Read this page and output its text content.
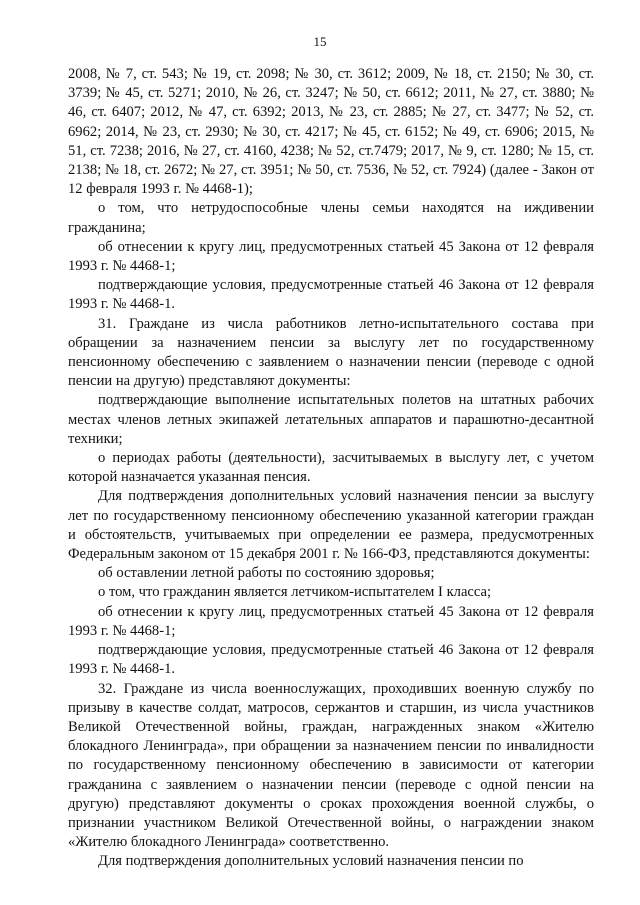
15

2008, № 7, ст. 543; № 19, ст. 2098; № 30, ст. 3612; 2009, № 18, ст. 2150; № 30, ст. 3739; № 45, ст. 5271; 2010, № 26, ст. 3247; № 50, ст. 6612; 2011, № 27, ст. 3880; № 46, ст. 6407; 2012, № 47, ст. 6392; 2013, № 23, ст. 2885; № 27, ст. 3477; № 52, ст. 6962; 2014, № 23, ст. 2930; № 30, ст. 4217; № 45, ст. 6152; № 49, ст. 6906; 2015, № 51, ст. 7238; 2016, № 27, ст. 4160, 4238; № 52, ст.7479; 2017, № 9, ст. 1280; № 15, ст. 2138; № 18, ст. 2672; № 27, ст. 3951; № 50, ст. 7536, № 52, ст. 7924) (далее - Закон от 12 февраля 1993 г. № 4468-1);

о том, что нетрудоспособные члены семьи находятся на иждивении гражданина;

об отнесении к кругу лиц, предусмотренных статьей 45 Закона от 12 февраля 1993 г. № 4468-1;

подтверждающие условия, предусмотренные статьей 46 Закона от 12 февраля 1993 г. № 4468-1.

31. Граждане из числа работников летно-испытательного состава при обращении за назначением пенсии за выслугу лет по государственному пенсионному обеспечению с заявлением о назначении пенсии (переводе с одной пенсии на другую) представляют документы:

подтверждающие выполнение испытательных полетов на штатных рабочих местах членов летных экипажей летательных аппаратов и парашютно-десантной техники;

о периодах работы (деятельности), засчитываемых в выслугу лет, с учетом которой назначается указанная пенсия.

Для подтверждения дополнительных условий назначения пенсии за выслугу лет по государственному пенсионному обеспечению указанной категории граждан и обстоятельств, учитываемых при определении ее размера, предусмотренных Федеральным законом от 15 декабря 2001 г. № 166-ФЗ, представляются документы:

об оставлении летной работы по состоянию здоровья;

о том, что гражданин является летчиком-испытателем I класса;

об отнесении к кругу лиц, предусмотренных статьей 45 Закона от 12 февраля 1993 г. № 4468-1;

подтверждающие условия, предусмотренные статьей 46 Закона от 12 февраля 1993 г. № 4468-1.

32. Граждане из числа военнослужащих, проходивших военную службу по призыву в качестве солдат, матросов, сержантов и старшин, из числа участников Великой Отечественной войны, граждан, награжденных знаком «Жителю блокадного Ленинграда», при обращении за назначением пенсии по инвалидности по государственному пенсионному обеспечению в зависимости от категории гражданина с заявлением о назначении пенсии (переводе с одной пенсии на другую) представляют документы о сроках прохождения военной службы, о признании участником Великой Отечественной войны, о награждении знаком «Жителю блокадного Ленинграда» соответственно.

Для подтверждения дополнительных условий назначения пенсии по
